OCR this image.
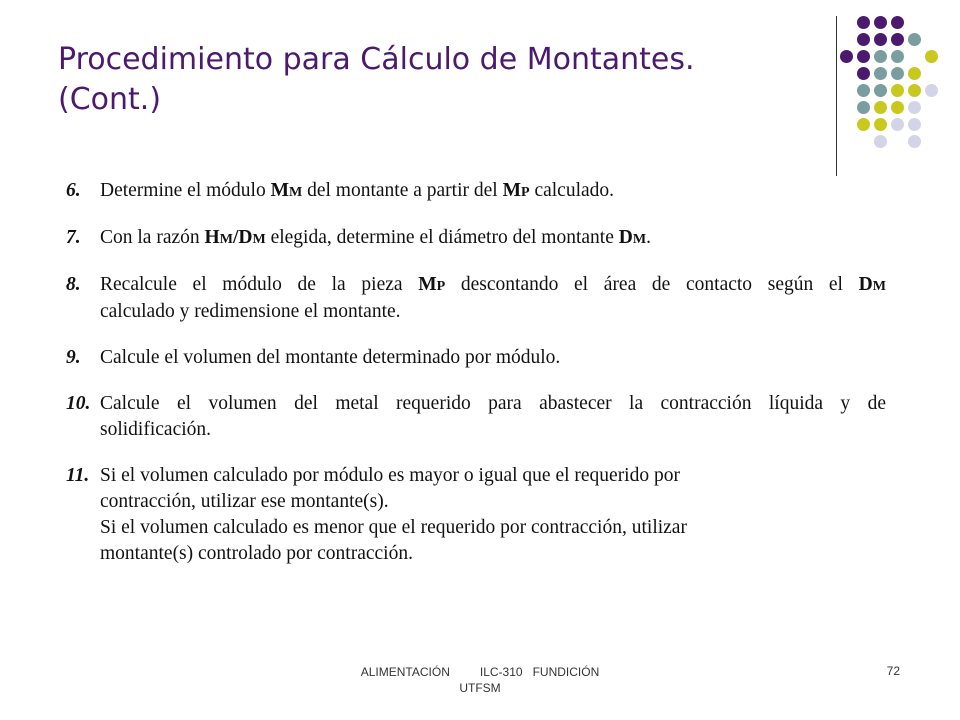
Procedimiento para Cálculo de Montantes.
(Cont.)
6. Determine el módulo MM del montante a partir del MP calculado.
7. Con la razón HM/DM elegida, determine el diámetro del montante DM.
8. Recalcule el módulo de la pieza MP descontando el área de contacto según el DM
calculado y redimensione el montante.
9. Calcule el volumen del montante determinado por módulo.
10. Calcule el volumen del metal requerido para abastecer la contracción líquida y de
solidificación.
11. Si el volumen calculado por módulo es mayor o igual que el requerido por
contracción, utilizar ese montante(s).
Si el volumen calculado es menor que el requerido por contracción, utilizar
montante(s) controlado por contracción.
ALIMENTACIÓN         ILC-310   FUNDICIÓN
UTFSM
72
